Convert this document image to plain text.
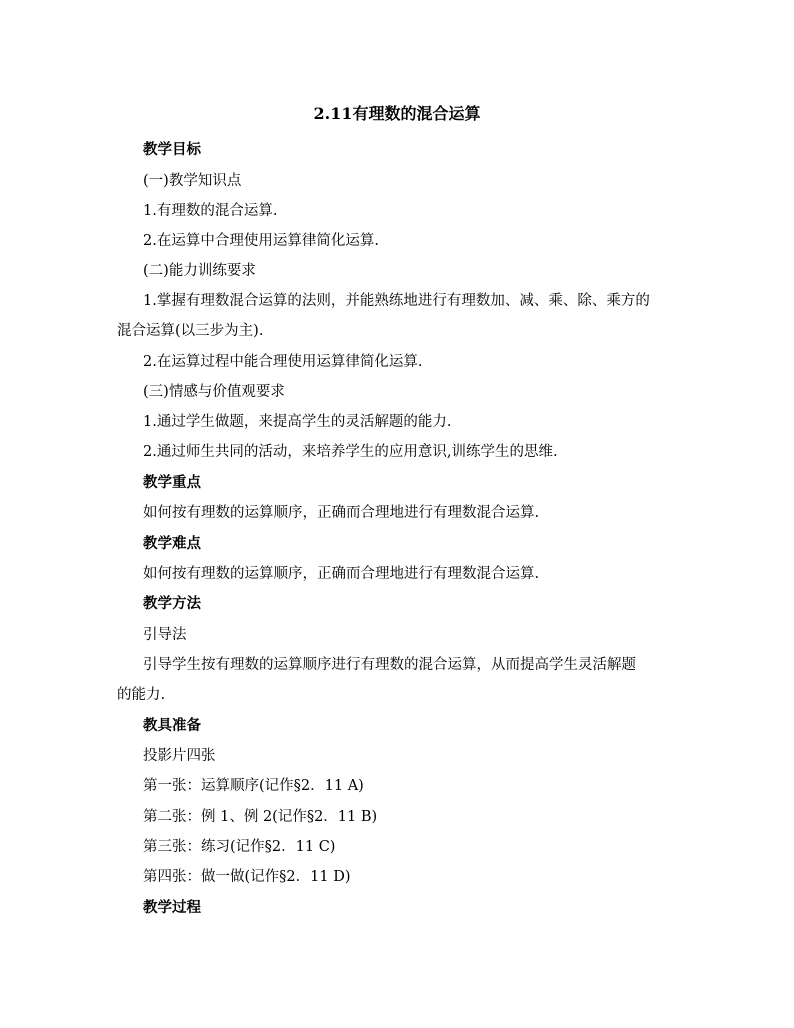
2.11有理数的混合运算
教学目标
(一)教学知识点
1.有理数的混合运算.
2.在运算中合理使用运算律简化运算.
(二)能力训练要求
1.掌握有理数混合运算的法则，并能熟练地进行有理数加、减、乘、除、乘方的
混合运算(以三步为主).
2.在运算过程中能合理使用运算律简化运算.
(三)情感与价值观要求
1.通过学生做题，来提高学生的灵活解题的能力.
2.通过师生共同的活动，来培养学生的应用意识,训练学生的思维.
教学重点
如何按有理数的运算顺序，正确而合理地进行有理数混合运算.
教学难点
如何按有理数的运算顺序，正确而合理地进行有理数混合运算.
教学方法
引导法
引导学生按有理数的运算顺序进行有理数的混合运算，从而提高学生灵活解题
的能力.
教具准备
投影片四张
第一张：运算顺序(记作§2．11 A)
第二张：例 1、例 2(记作§2．11 B)
第三张：练习(记作§2．11 C)
第四张：做一做(记作§2．11 D)
教学过程
